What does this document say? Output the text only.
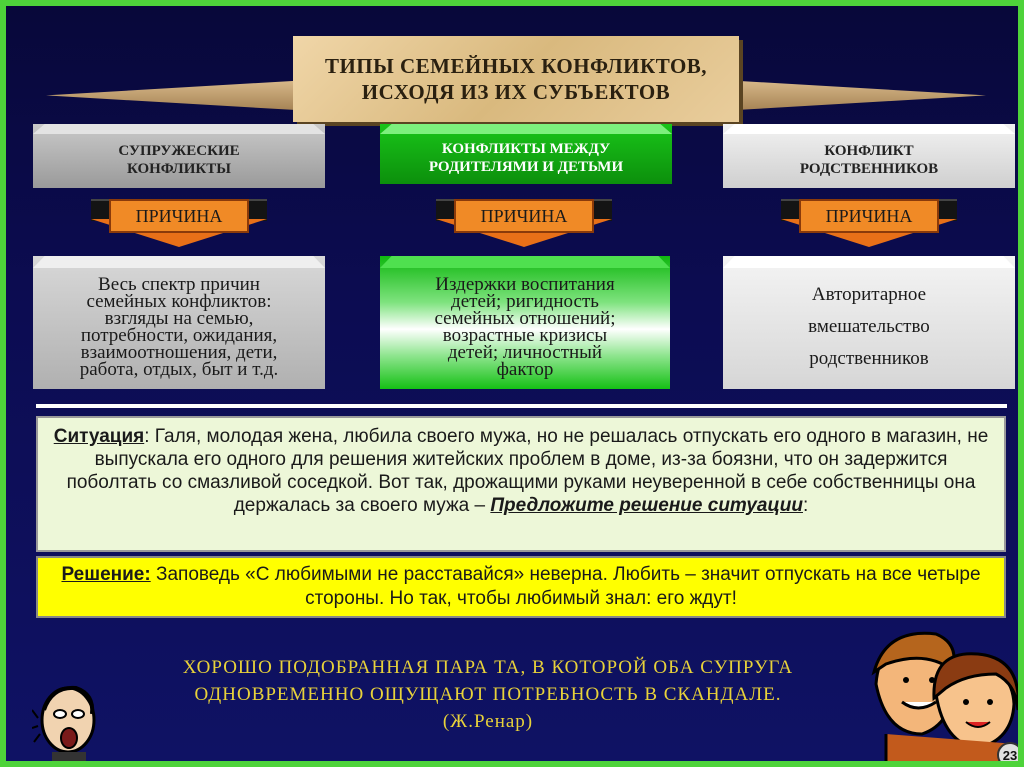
ТИПЫ СЕМЕЙНЫХ КОНФЛИКТОВ,
ИСХОДЯ ИЗ ИХ СУБЪЕКТОВ
СУПРУЖЕСКИЕ
КОНФЛИКТЫ
КОНФЛИКТЫ МЕЖДУ
РОДИТЕЛЯМИ И ДЕТЬМИ
КОНФЛИКТ
РОДСТВЕННИКОВ
ПРИЧИНА	ПРИЧИНА	ПРИЧИНА
Весь спектр причин
семейных конфликтов:
взгляды на семью,
потребности, ожидания,
взаимоотношения, дети,
работа, отдых, быт и т.д.
Издержки воспитания
детей; ригидность
семейных отношений;
возрастные кризисы
детей; личностный
фактор
Авторитарное
вмешательство
родственников
Ситуация: Галя, молодая жена, любила своего мужа, но не решалась отпускать его одного в магазин, не выпускала его одного для решения житейских проблем в доме, из-за боязни, что он задержится поболтать со смазливой соседкой. Вот так, дрожащими руками неуверенной в себе собственницы она держалась за своего мужа – Предложите решение ситуации:
Решение: Заповедь «С любимыми не расставайся» неверна. Любить – значит отпускать на все четыре стороны. Но так, чтобы любимый знал: его ждут!
ХОРОШО ПОДОБРАННАЯ ПАРА ТА, В КОТОРОЙ ОБА СУПРУГА ОДНОВРЕМЕННО ОЩУЩАЮТ ПОТРЕБНОСТЬ В СКАНДАЛЕ. (Ж.Ренар)
23
